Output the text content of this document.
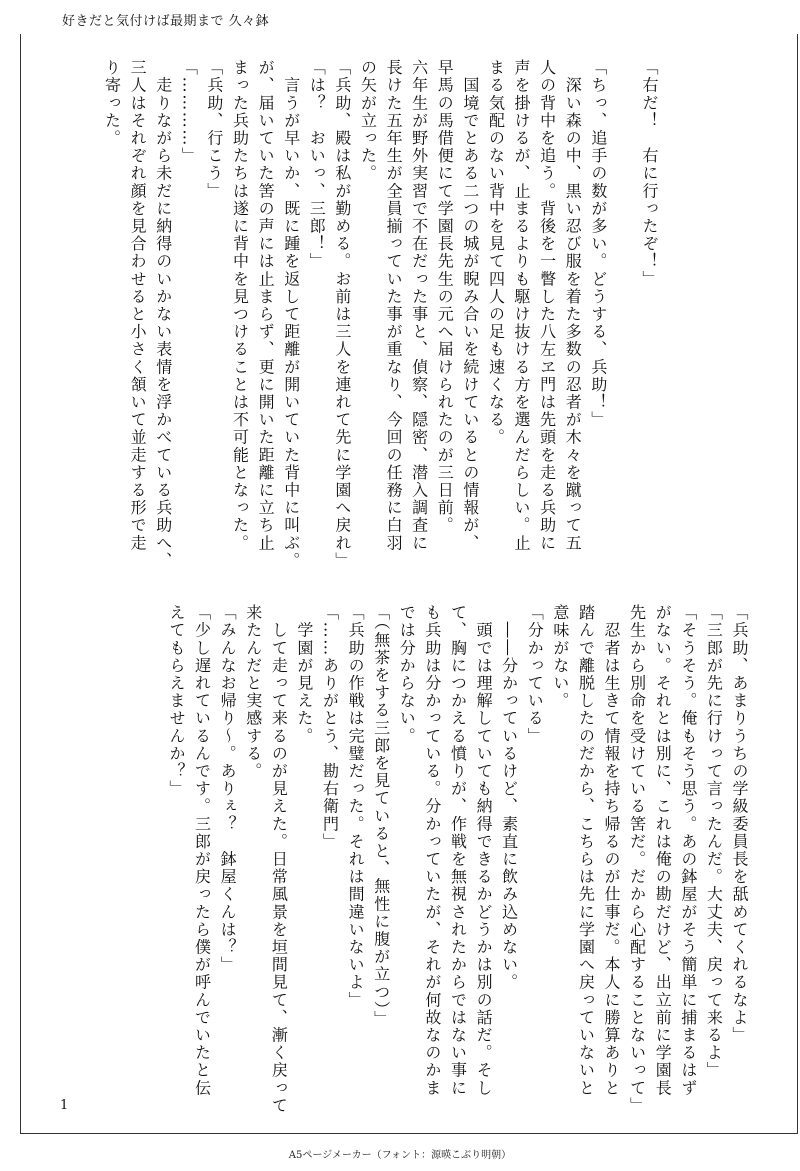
好きだと気付けば最期まで 久々鉢
「右だ！　右に行ったぞ！」

「ちっ、追手の数が多い。どうする、兵助！」
　深い森の中、黒い忍び服を着た多数の忍者が木々を蹴って五
人の背中を追う。背後を一瞥した八左ヱ門は先頭を走る兵助に
声を掛けるが、止まるよりも駆け抜ける方を選んだらしい。止
まる気配のない背中を見て四人の足も速くなる。
　国境でとある二つの城が睨み合いを続けているとの情報が、
早馬の馬借便にて学園長先生の元へ届けられたのが三日前。
六年生が野外実習で不在だった事と、偵察、隠密、潜入調査に
長けた五年生が全員揃っていた事が重なり、今回の任務に白羽
の矢が立った。
「兵助、殿は私が勤める。お前は三人を連れて先に学園へ戻れ」
「は？　おいっ、三郎！」
　言うが早いか、既に踵を返して距離が開いていた背中に叫ぶ。
が、届いていた筈の声には止まらず、更に開いた距離に立ち止
まった兵助たちは遂に背中を見つけることは不可能となった。
「兵助、行こう」
「…………」
　走りながら未だに納得のいかない表情を浮かべている兵助へ、
三人はそれぞれ顔を見合わせると小さく頷いて並走する形で走
り寄った。
「兵助、あまりうちの学級委員長を舐めてくれるなよ」
「三郎が先に行けって言ったんだ。大丈夫、戻って来るよ」
「そうそう。俺もそう思う。あの鉢屋がそう簡単に捕まるはず
がない。それとは別に、これは俺の勘だけど、出立前に学園長
先生から別命を受けている筈だ。だから心配することないって」
　忍者は生きて情報を持ち帰るのが仕事だ。本人に勝算ありと
踏んで離脱したのだから、こちらは先に学園へ戻っていないと
意味がない。
「分かっている」
　――分かっているけど、素直に飲み込めない。
　頭では理解していても納得できるかどうかは別の話だ。そし
て、胸につかえる憤りが、作戦を無視されたからではない事に
も兵助は分かっている。分かっていたが、それが何故なのかま
では分からない。
「（無茶をする三郎を見ていると、無性に腹が立つ）」
「兵助の作戦は完璧だった。それは間違いないよ」
「……ありがとう、勘右衛門」
　学園が見えた。
　して走って来るのが見えた。日常風景を垣間見て、漸く戻って
来たんだと実感する。
「みんなお帰り〜。ありぇ？　鉢屋くんは？」
「少し遅れているんです。三郎が戻ったら僕が呼んでいたと伝
えてもらえませんか？」
1
A5ページメーカー（フォント：源暎こぶり明朝）
